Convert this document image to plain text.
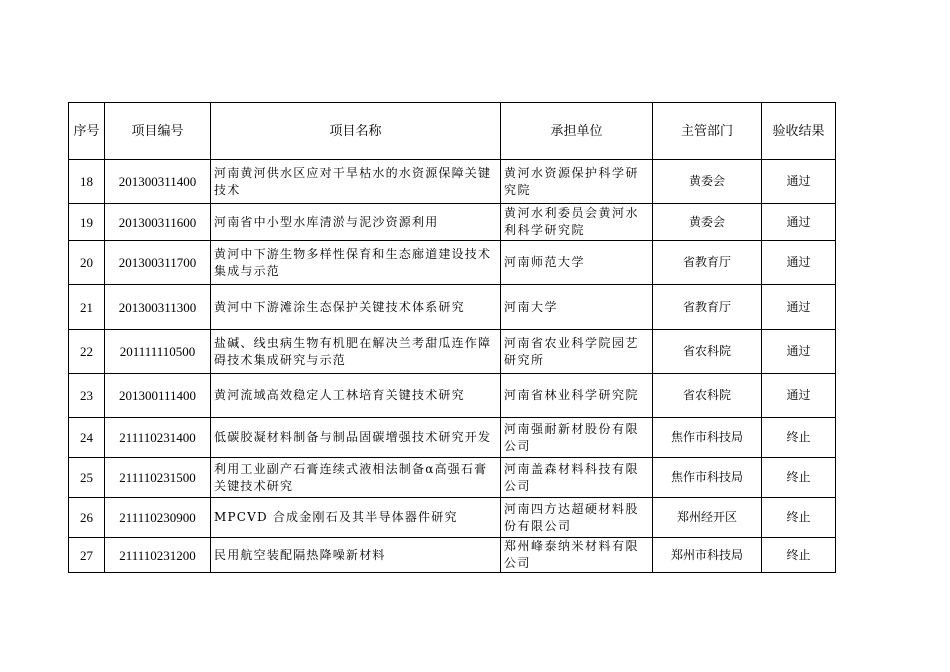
序号	项目编号	项目名称	承担单位	主管部门	验收结果
18	201300311400	河南黄河供水区应对干旱枯水的水资源保障关键技术	黄河水资源保护科学研究院	黄委会	通过
19	201300311600	河南省中小型水库清淤与泥沙资源利用	黄河水利委员会黄河水利科学研究院	黄委会	通过
20	201300311700	黄河中下游生物多样性保育和生态廊道建设技术集成与示范	河南师范大学	省教育厅	通过
21	201300311300	黄河中下游滩涂生态保护关键技术体系研究	河南大学	省教育厅	通过
22	201111110500	盐碱、线虫病生物有机肥在解决兰考甜瓜连作障碍技术集成研究与示范	河南省农业科学院园艺研究所	省农科院	通过
23	201300111400	黄河流域高效稳定人工林培育关键技术研究	河南省林业科学研究院	省农科院	通过
24	211110231400	低碳胶凝材料制备与制品固碳增强技术研究开发	河南强耐新材股份有限公司	焦作市科技局	终止
25	211110231500	利用工业副产石膏连续式液相法制备α高强石膏关键技术研究	河南盖森材料科技有限公司	焦作市科技局	终止
26	211110230900	MPCVD 合成金刚石及其半导体器件研究	河南四方达超硬材料股份有限公司	郑州经开区	终止
27	211110231200	民用航空装配隔热降噪新材料	郑州峰泰纳米材料有限公司	郑州市科技局	终止
